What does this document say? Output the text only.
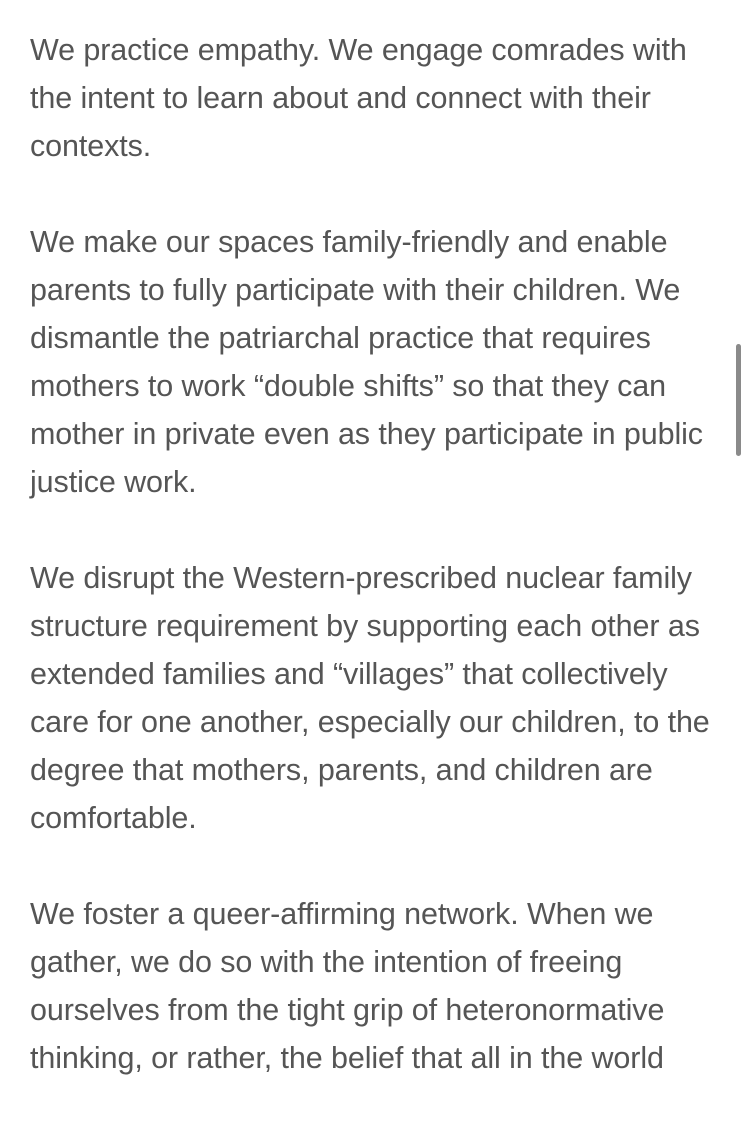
We practice empathy. We engage comrades with the intent to learn about and connect with their contexts.

We make our spaces family-friendly and enable parents to fully participate with their children. We dismantle the patriarchal practice that requires mothers to work “double shifts” so that they can mother in private even as they participate in public justice work.

We disrupt the Western-prescribed nuclear family structure requirement by supporting each other as extended families and “villages” that collectively care for one another, especially our children, to the degree that mothers, parents, and children are comfortable.

We foster a queer-affirming network. When we gather, we do so with the intention of freeing ourselves from the tight grip of heteronormative thinking, or rather, the belief that all in the world
